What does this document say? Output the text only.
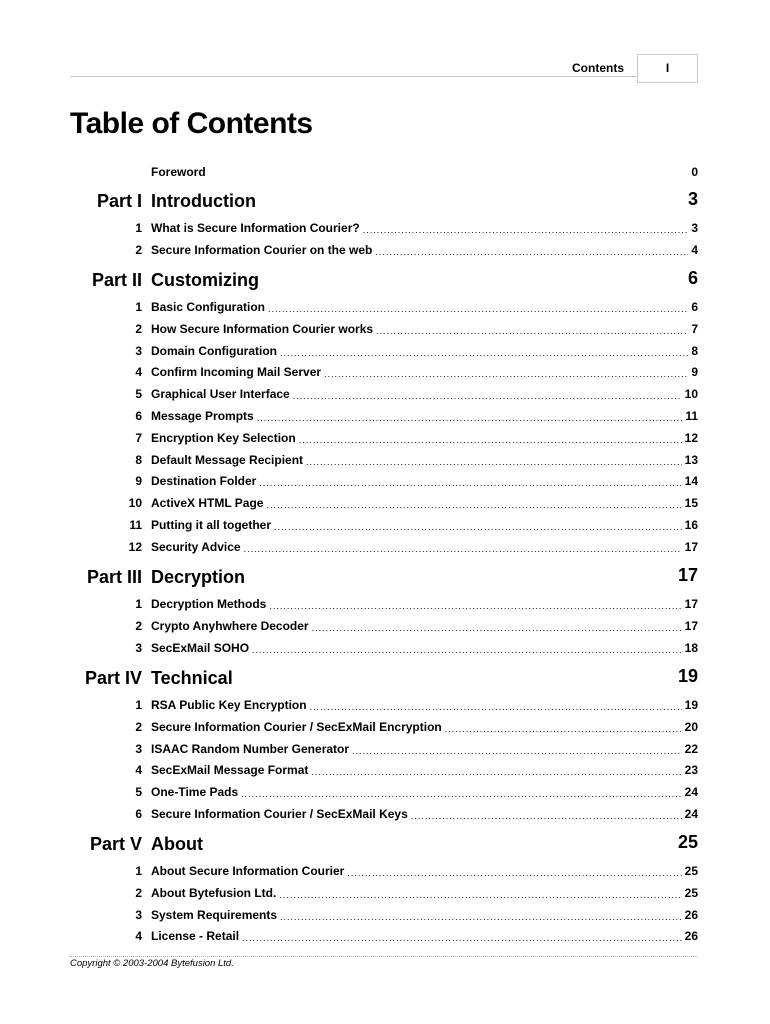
Contents	I
Table of Contents
Foreword	0
Part I Introduction	3
1 What is Secure Information Courier? .....	3
2 Secure Information Courier on the web .....	4
Part II Customizing	6
1 Basic Configuration .....	6
2 How Secure Information Courier works .....	7
3 Domain Configuration .....	8
4 Confirm Incoming Mail Server .....	9
5 Graphical User Interface .....	10
6 Message Prompts .....	11
7 Encryption Key Selection .....	12
8 Default Message Recipient .....	13
9 Destination Folder .....	14
10 ActiveX HTML Page .....	15
11 Putting it all together .....	16
12 Security Advice .....	17
Part III Decryption	17
1 Decryption Methods .....	17
2 Crypto Anyhwhere Decoder .....	17
3 SecExMail SOHO .....	18
Part IV Technical	19
1 RSA Public Key Encryption .....	19
2 Secure Information Courier / SecExMail Encryption .....	20
3 ISAAC Random Number Generator .....	22
4 SecExMail Message Format .....	23
5 One-Time Pads .....	24
6 Secure Information Courier / SecExMail Keys .....	24
Part V About	25
1 About Secure Information Courier .....	25
2 About Bytefusion Ltd. .....	25
3 System Requirements .....	26
4 License - Retail .....	26
Copyright © 2003-2004 Bytefusion Ltd.
